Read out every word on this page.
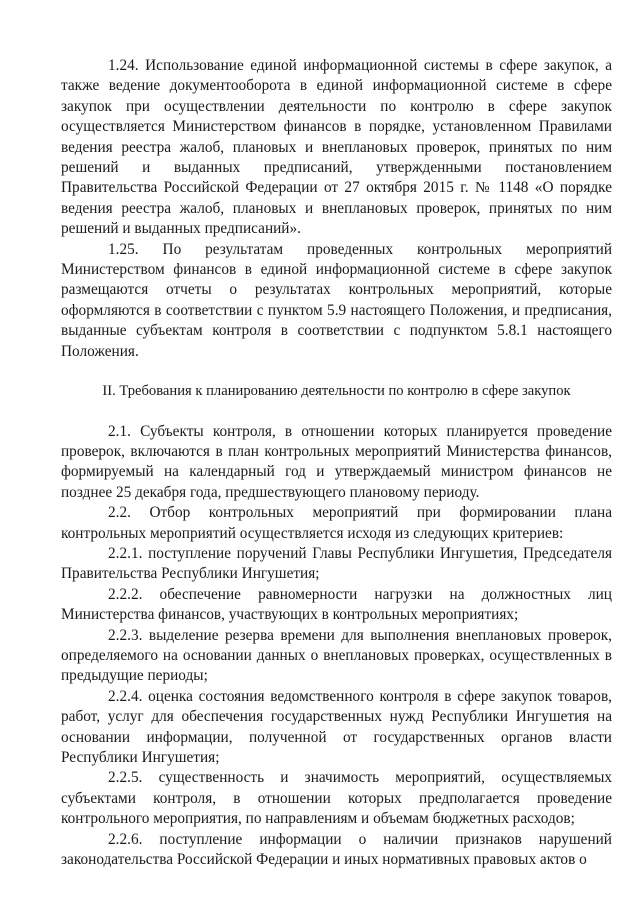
1.24. Использование единой информационной системы в сфере закупок, а также ведение документооборота в единой информационной системе в сфере закупок при осуществлении деятельности по контролю в сфере закупок осуществляется Министерством финансов в порядке, установленном Правилами ведения реестра жалоб, плановых и внеплановых проверок, принятых по ним решений и выданных предписаний, утвержденными постановлением Правительства Российской Федерации от 27 октября 2015 г. № 1148 «О порядке ведения реестра жалоб, плановых и внеплановых проверок, принятых по ним решений и выданных предписаний».

1.25. По результатам проведенных контрольных мероприятий Министерством финансов в единой информационной системе в сфере закупок размещаются отчеты о результатах контрольных мероприятий, которые оформляются в соответствии с пунктом 5.9 настоящего Положения, и предписания, выданные субъектам контроля в соответствии с подпунктом 5.8.1 настоящего Положения.

II. Требования к планированию деятельности по контролю в сфере закупок

2.1. Субъекты контроля, в отношении которых планируется проведение проверок, включаются в план контрольных мероприятий Министерства финансов, формируемый на календарный год и утверждаемый министром финансов не позднее 25 декабря года, предшествующего плановому периоду.

2.2. Отбор контрольных мероприятий при формировании плана контрольных мероприятий осуществляется исходя из следующих критериев:

2.2.1. поступление поручений Главы Республики Ингушетия, Председателя Правительства Республики Ингушетия;

2.2.2. обеспечение равномерности нагрузки на должностных лиц Министерства финансов, участвующих в контрольных мероприятиях;

2.2.3. выделение резерва времени для выполнения внеплановых проверок, определяемого на основании данных о внеплановых проверках, осуществленных в предыдущие периоды;

2.2.4. оценка состояния ведомственного контроля в сфере закупок товаров, работ, услуг для обеспечения государственных нужд Республики Ингушетия на основании информации, полученной от государственных органов власти Республики Ингушетия;

2.2.5. существенность и значимость мероприятий, осуществляемых субъектами контроля, в отношении которых предполагается проведение контрольного мероприятия, по направлениям и объемам бюджетных расходов;

2.2.6. поступление информации о наличии признаков нарушений законодательства Российской Федерации и иных нормативных правовых актов о
